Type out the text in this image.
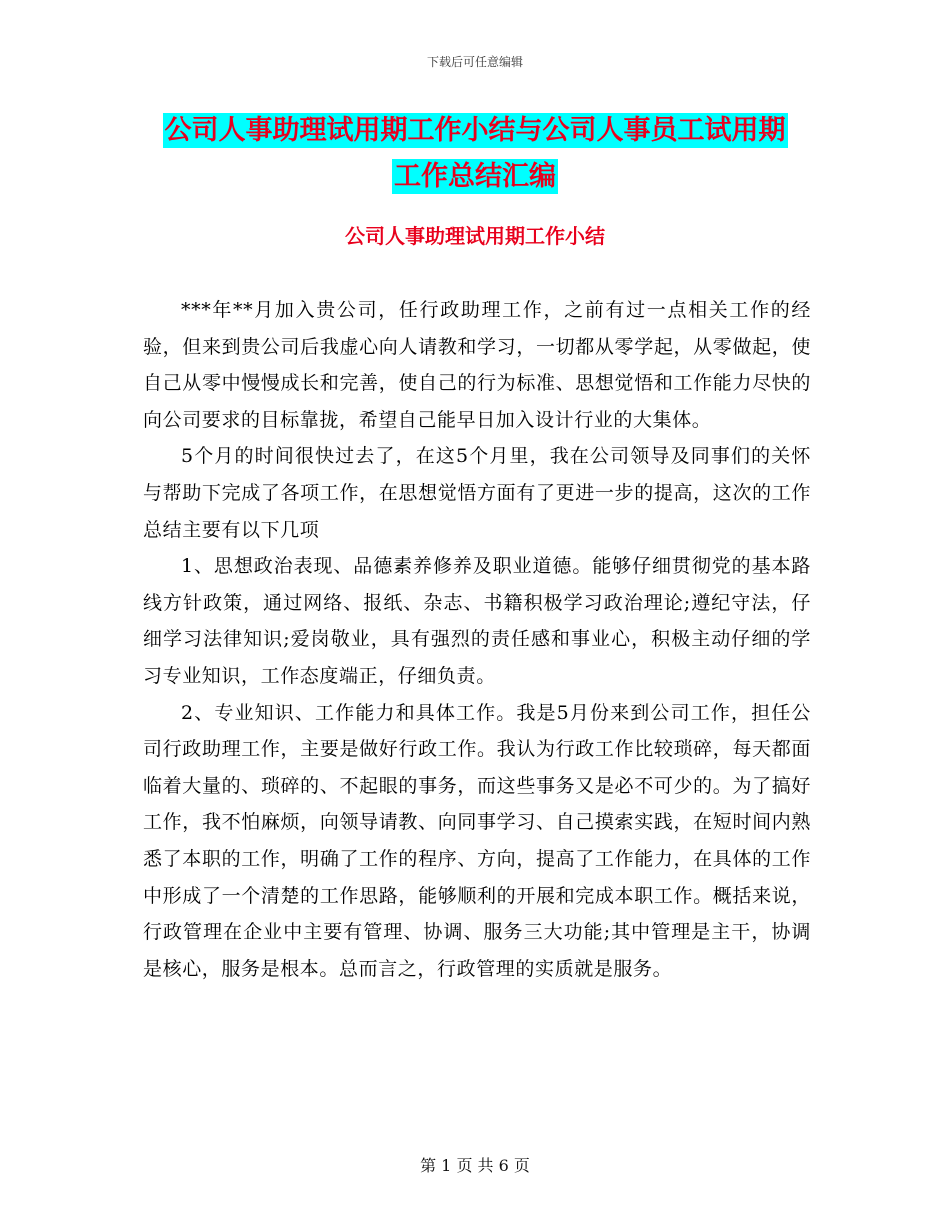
下载后可任意编辑
公司人事助理试用期工作小结与公司人事员工试用期
工作总结汇编
公司人事助理试用期工作小结

***年**月加入贵公司，任行政助理工作，之前有过一点相关工作的经验，但来到贵公司后我虚心向人请教和学习，一切都从零学起，从零做起，使自己从零中慢慢成长和完善，使自己的行为标准、思想觉悟和工作能力尽快的向公司要求的目标靠拢，希望自己能早日加入设计行业的大集体。

5个月的时间很快过去了，在这5个月里，我在公司领导及同事们的关怀与帮助下完成了各项工作，在思想觉悟方面有了更进一步的提高，这次的工作总结主要有以下几项

1、思想政治表现、品德素养修养及职业道德。能够仔细贯彻党的基本路线方针政策，通过网络、报纸、杂志、书籍积极学习政治理论;遵纪守法，仔细学习法律知识;爱岗敬业，具有强烈的责任感和事业心，积极主动仔细的学习专业知识，工作态度端正，仔细负责。

2、专业知识、工作能力和具体工作。我是5月份来到公司工作，担任公司行政助理工作，主要是做好行政工作。我认为行政工作比较琐碎，每天都面临着大量的、琐碎的、不起眼的事务，而这些事务又是必不可少的。为了搞好工作，我不怕麻烦，向领导请教、向同事学习、自己摸索实践，在短时间内熟悉了本职的工作，明确了工作的程序、方向，提高了工作能力，在具体的工作中形成了一个清楚的工作思路，能够顺利的开展和完成本职工作。概括来说，行政管理在企业中主要有管理、协调、服务三大功能;其中管理是主干，协调是核心，服务是根本。总而言之，行政管理的实质就是服务。

第 1 页 共 6 页
